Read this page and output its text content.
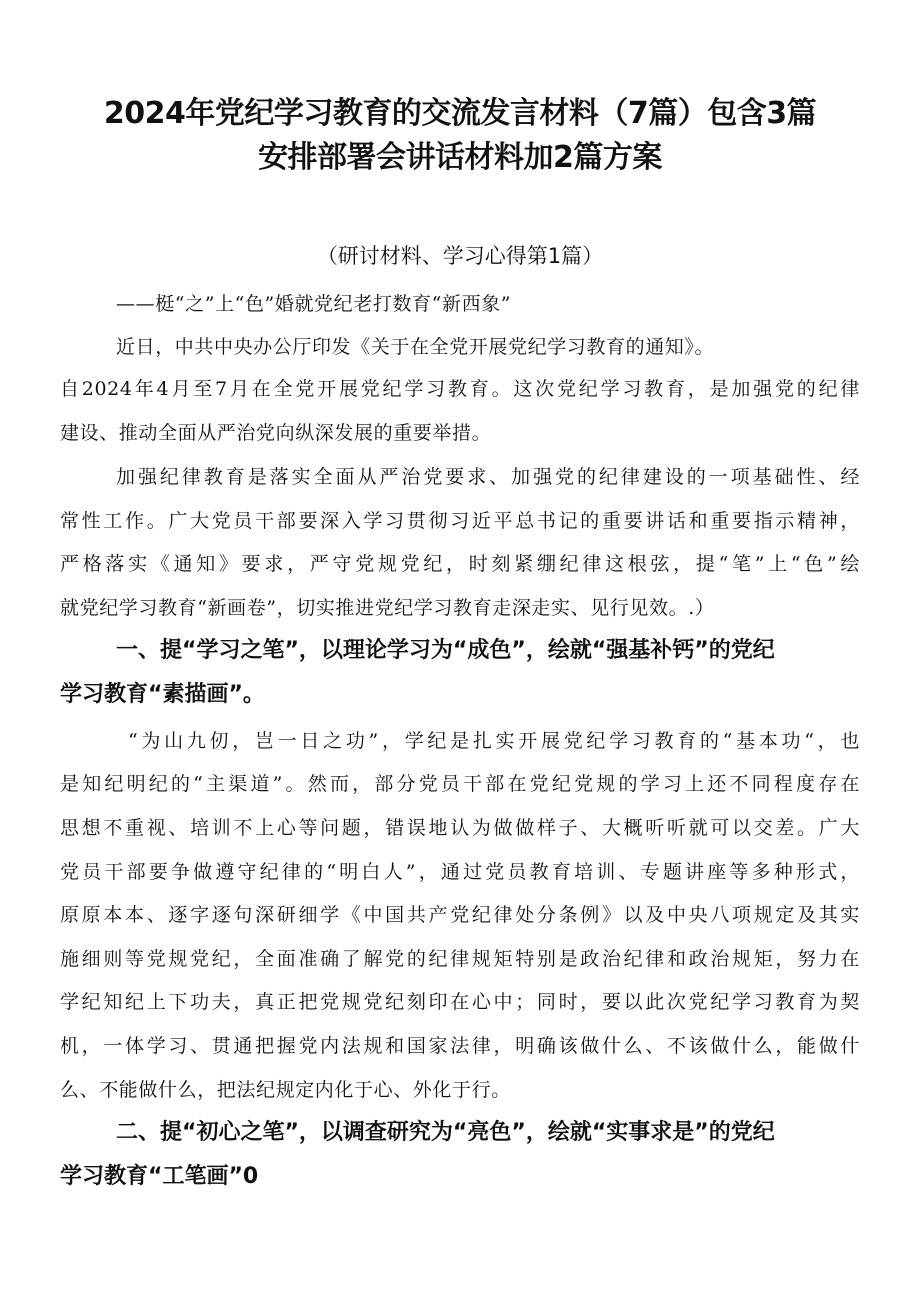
2024年党纪学习教育的交流发言材料（7篇）包含3篇
安排部署会讲话材料加2篇方案
（研讨材料、学习心得第1篇）
——梃“之”上“色”婚就党纪老打数育“新西象”
近日，中共中央办公厅印发《关于在全党开展党纪学习教育的通知》。
自2024年4月至7月在全党开展党纪学习教育。这次党纪学习教育，是加强党的纪律
建设、推动全面从严治党向纵深发展的重要举措。
加强纪律教育是落实全面从严治党要求、加强党的纪律建设的一项基础性、经
常性工作。广大党员干部要深入学习贯彻习近平总书记的重要讲话和重要指示精神，
严格落实《通知》要求，严守党规党纪，时刻紧绷纪律这根弦，提“笔”上“色”绘
就党纪学习教育“新画卷”，切实推进党纪学习教育走深走实、见行见效。.）
一、提“学习之笔”，以理论学习为“成色”，绘就“强基补钙”的党纪
学习教育“素描画”。
“为山九仞，岂一日之功”，学纪是扎实开展党纪学习教育的“基本功“，也
是知纪明纪的“主渠道”。然而，部分党员干部在党纪党规的学习上还不同程度存在
思想不重视、培训不上心等问题，错误地认为做做样子、大概听听就可以交差。广大
党员干部要争做遵守纪律的“明白人”，通过党员教育培训、专题讲座等多种形式，
原原本本、逐字逐句深研细学《中国共产党纪律处分条例》以及中央八项规定及其实
施细则等党规党纪，全面准确了解党的纪律规矩特别是政治纪律和政治规矩，努力在
学纪知纪上下功夫，真正把党规党纪刻印在心中；同时，要以此次党纪学习教育为契
机，一体学习、贯通把握党内法规和国家法律，明确该做什么、不该做什么，能做什
么、不能做什么，把法纪规定内化于心、外化于行。
二、提“初心之笔”，以调查研究为“亮色”，绘就“实事求是”的党纪
学习教育“工笔画”0
